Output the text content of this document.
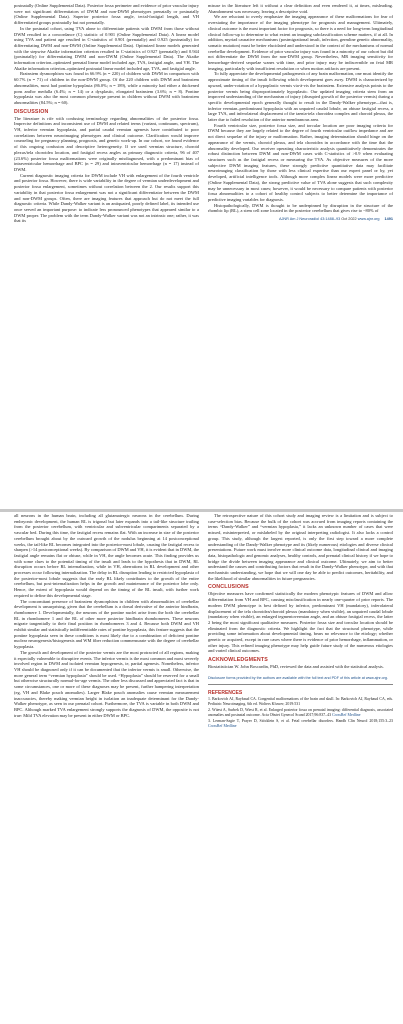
postnatally (Online Supplemental Data). Posterior fossa perimeter and evidence of prior vascular injury were not significant differentiators of DWM and non-DWM phenotypes prenatally or postnatally (Online Supplemental Data). Superior posterior fossa angle, tectal-fastigial length, and VH differentiated groups postnatally but not prenatally.

In the postnatal cohort, using TVA alone to differentiate patients with DWM from those without DWM resulted in a concordance (C) statistic of 0.901 (Online Supplemental Data). A linear model using TVA and patient age resulted in C-statistics of 0.901 (prenatally) and 0.925 (postnatally) for differentiating DWM and non-DWM (Online Supplemental Data). Optimized linear models generated with the stepwise Akaike information criterion resulted in C-statistics of 0.927 (prenatally) and 0.944 (postnatally) for differentiating DWM and non-DWM (Online Supplemental Data). The Akaike information criterion–optimized prenatal linear model included age, TVA, fastigial angle, and VH. The Akaike information criterion–optimized postnatal linear model included age, TVA, and fastigial angle.

Brainstem dysmorphism was found in 66.9% (n = 220) of children with DWM in comparison with 60.7% (n = 71) of children in the non-DWM group. Of the 220 children with DWM and brainstem abnormalities, most had pontine hypoplasia (86.0%; n = 189), while a minority had either a thickened pons and/or medulla (6.4%; n = 14) or a dysplastic, elongated brainstem (3.6%; n = 8). Pontine hypoplasia was also the most common phenotype present in children without DWM with brainstem abnormalities (84.5%; n = 60).

DISCUSSION

The literature is rife with confusing terminology regarding abnormalities of the posterior fossa. Imprecise definitions and inconsistent use of DWM and related terms (variant, continuum, spectrum), VH, inferior vermian hypoplasia, and partial caudal vermian agenesis have contributed to poor correlations between neuroimaging phenotypes and clinical outcome. Clarification would improve counseling for pregnancy planning, prognosis, and genetic work-up. In our cohort, we found evidence of this ongoing confusion and descriptive heterogeneity. If we used vermian structure, choroid plexus/tela choroidea location, and fastigial recess angles as primary diagnostic criteria, 96 of 407 (23.6%) posterior fossa malformations were originally misdiagnosed, with a predominant bias of intraventricular hemorrhage and BPC (n = 29) and intraventricular hemorrhage (n = 17) instead of DWM.

Current diagnostic imaging criteria for DWM include VH with enlargement of the fourth ventricle and posterior fossa. However, there is wide variability in the degree of vermian underdevelopment and posterior fossa enlargement, sometimes without correlation between the 2. Our results support this variability in that posterior fossa enlargement was not a significant differentiator between the DWM and non-DWM groups. Often, there are imaging features that approach but do not meet the full diagnostic criteria. While Dandy-Walker variant is an antiquated, poorly defined label, its intended use once served an important purpose: to indicate less pronounced phenotypes that appeared similar to a DWM proper. The problem with the term Dandy-Walker variant was not an intrinsic one; rather, it was that its

misuse in the literature left it without a clear definition and even rendered it, at times, misleading. Abandonment was necessary, leaving a descriptive void.

We are reluctant to overly emphasize the imaging appearance of these malformations for fear of overstating the importance of the imaging phenotype for prognosis and management. Ultimately, clinical outcome is the most important factor for prognosis, so there is a need for long-term longitudinal clinical follow-up to determine to what extent an imaging subclassification scheme matters, if at all. In addition, myriad causative mechanisms (postmigrational insult, infection, germline genetic abnormality, somatic mutation) must be better elucidated and understood in the context of the mechanisms of normal cerebellar development. Evidence of prior vascular injury was found in a minority of our cohort but did not differentiate the DWM from the non-DWM group. Nevertheless, MR imaging sensitivity for hemorrhage-derived sequelae wanes with time, and prior injury may be indiscernible on fetal MR imaging, particularly with insufficient resolution or when motion artifacts are present.

To fully appreciate the developmental pathogenesis of any brain malformation, one must identify the approximate timing of the insult following which development goes awry. DWM is characterized by upward, under-rotation of a hypoplastic vermis via-à-vis the brainstem. Extensive analysis points to the posterior vermis being disproportionately hypoplastic. Our updated imaging criteria stem from an improved understanding of the mechanism of injury (disrupted growth of the posterior vermis) during a specific developmental epoch generally thought to result in the Dandy-Walker phenotype—that is, inferior vermian–predominant hypoplasia with an unpaired caudal lobule, an obtuse fastigial recess, a large TVA, and inferolateral displacement of the taenia-tela choroidea complex and choroid plexus, the latter due to failed resolution of the anterior membranous area.

Fourth ventricular size, posterior fossa size, and torcular location are poor imaging criteria for DWM because they are largely related to the degree of fourth ventricular outflow impedance and are not direct sequelae of the injury or malformation. Rather, imaging determination should hinge on the appearance of the vermis, choroid plexus, and tela choroidea in accordance with the time that the abnormality developed. Our receiver operating characteristic analysis quantitatively demonstrates the robust distinction between DWM and non-DWM cases with C-statistics of >0.9 when evaluating structures such as the fastigial recess or measuring the TVA. As objective measures of the more subjective DWM imaging features, these strongly predictive quantitative data may facilitate neuroimaging classification by those with less clinical expertise than our expert panel or by, yet developed, artificial intelligence tools. Although more complex linear models were more predictive (Online Supplemental Data), the strong predictive value of TVA alone suggests that such complexity may be unnecessary in most cases; however, it would be necessary to compare patients with posterior fossa abnormalities to a cohort of healthy control subjects to better determine the importance of predictive imaging variables for diagnosis.

Histopathologically, DWM is thought to be underpinned by disruption in the structure of the rhombic lip (RL), a stem cell zone located in the posterior cerebellum that gives rise to ~80% of

AJNR Am J Neuroradiol 43:1488–93 Oct 2022 www.ajnr.org 1491

all neurons in the human brain, including all glutamatergic neurons in the cerebellum. During embryonic development, the human RL is trigonal but later expands into a tail-like structure trailing from the posterior cerebellum, with ventricular and subventricular compartments separated by a vascular bed. During this time, the fastigial recess remains flat. With an increase in size of the posterior cerebellum brought about by the outward growth of the nodulus beginning at 14 postconceptional weeks, the tail-like RL becomes integrated into the posterior-most lobule, causing the fastigial recess to sharpen (>14 postconceptional weeks). By comparison of DWM and VH, it is evident that in DWM, the fastigial angle remains flat or obtuse, while in VH, the angle becomes acute. This finding provides us with some clues to the potential timing of the insult and leads to the hypothesis that in DWM, RL disruption occurs before RL internalization, while in VH, aberrations in RL development and other processes occur following internalization. The delay in RL disruption leading to restricted hypoplasia of the posterior-most lobule suggests that the early RL likely contributes to the growth of the entire cerebellum, but post-internalization helps in the growth and maintenance of the posterior lobe only. Hence, the extent of hypoplasia would depend on the timing of the RL insult, with further work required to define this developmental stage.

The concomitant presence of brainstem dysmorphism in children with abnormalities of cerebellar development is unsurprising, given that the cerebellum is a dorsal derivative of the anterior hindbrain, rhombomere 1. Developmentally, the neurons of the pontine nuclei arise from the both the cerebellar RL in rhombomere 1 and the RL of other more posterior hindbrain rhombomeres. These neurons migrate tangentially to their final position in rhombomeres 3 and 4. Because both DWM and VH exhibit similar and statistically indifferentiable rates of pontine hypoplasia, this feature suggests that the pontine hypoplasia seen in these conditions is most likely due to a combination of deficient pontine nuclear neurogenesis/histogenesis and WM fiber reduction commensurate with the degree of cerebellar hypoplasia.

The growth and development of the posterior vermis are the most protracted of all regions, making it especially vulnerable to disruptive events. The inferior vermis is the most common and most severely involved region in DWM and isolated vermian hypogenesis, ie, partial agenesis. Nonetheless, inferior VH should be diagnosed only if it can be documented that the inferior vermis is small. Otherwise, the more general term “vermian hypoplasia” should be used. “Hypoplasia” should be reserved for a small but otherwise structurally normal-for-age vermis. The other less discussed and appreciated fact is that in some circumstances, one or more of these diagnoses may be present, further hampering interpretation (eg, VH and Blake pouch anomalies). Larger Blake pouch anomalies cause vermian measurement inaccuracies, thereby making vermian height in isolation an inadequate determinant for the Dandy-Walker phenotype, as seen in our prenatal cohort. Furthermore, the TVA is variable in both DWM and BPC. Although marked TVA enlargement strongly supports the diagnosis of DWM, the opposite is not true: Mild TVA elevation may be present in either DWM or BPC.

The retrospective nature of this cohort study and imaging review is a limitation and is subject to case-selection bias. Because the bulk of the cohort was accrued from imaging reports containing the terms “Dandy-Walker” and “vermian hypoplasia,” it lacks an unknown number of cases that were missed, misinterpreted, or mislabeled by the original interpreting radiologist. It also lacks a control group. This study, although the largest reported, is only the first step toward a more complete understanding of the Dandy-Walker phenotype and its (likely numerous) etiologies and diverse clinical presentations. Future work must involve more clinical outcome data, longitudinal clinical and imaging data, histopathologic and genomic analyses, healthy controls, and prenatal clinical history if we hope to bridge the divide between imaging appearance and clinical outcome. Ultimately, we aim to better understand the causes and contributing factors that result in the Dandy-Walker phenotype, and with that mechanistic understanding, we hope that we will one day be able to predict outcomes, heritability, and the likelihood of similar abnormalities in future pregnancies.

CONCLUSIONS

Objective measures have confirmed statistically the modern phenotypic features of DWM and allow differentiation from VH and BPC, causing misclassification in nearly one-quarter of prior reports. The modern DWM phenotype is best defined by inferior, predominant VH (mandatory), inferolateral displacement of the tela choroidea/choroid plexus (mandatory when visible), an unpaired caudal lobule (mandatory when visible), an enlarged tegmentovermian angle, and an obtuse fastigial recess, the latter 2 being the most significant qualitative measures. Posterior fossa size and torcular location should be eliminated from the diagnostic criteria. We highlight the fact that the structural phenotype, while providing some information about developmental timing, bears no relevance to the etiology; whether genetic or acquired, except in rare cases where there is evidence of prior hemorrhage, inflammation, or other injury. This refined imaging phenotype may help guide future study of the numerous etiologies and varied clinical outcomes.

ACKNOWLEDGMENTS

Biostatistician W. John Boscardin, PhD, reviewed the data and assisted with the statistical analysis.

Disclosure forms provided by the authors are available with the full text and PDF of this article at www.ajnr.org.

REFERENCES

1. Barkovich AJ, Raybaud CA. Congenital malformations of the brain and skull. In: Barkovich AJ, Raybaud CA, eds. Pediatric Neuroimaging. 6th ed. Wolters Kluwer; 2019:531

2. Wüest A, Surbek D, Wiest R, et al. Enlarged posterior fossa on prenatal imaging: differential diagnosis, associated anomalies and postnatal outcome. Acta Obstet Gynecol Scand 2017;96:837–43 CrossRef Medline

3. Lerman-Sagie T, Prayer D, Stöcklein S, et al. Fetal cerebellar disorders. Handb Clin Neurol 2018;155:3–23 CrossRef Medline
